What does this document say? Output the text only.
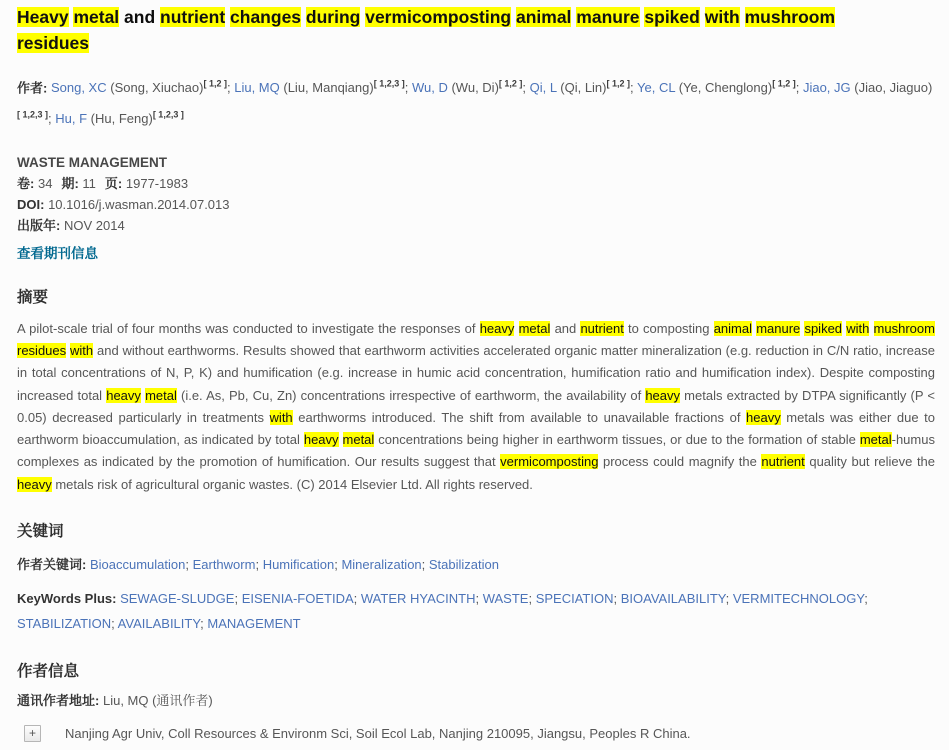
Heavy metal and nutrient changes during vermicomposting animal manure spiked with mushroom residues

作者: Song, XC (Song, Xiuchao)[ 1,2 ]; Liu, MQ (Liu, Manqiang)[ 1,2,3 ]; Wu, D (Wu, Di)[ 1,2 ]; Qi, L (Qi, Lin)[ 1,2 ]; Ye, CL (Ye, Chenglong)[ 1,2 ]; Jiao, JG (Jiao, Jiaguo)[ 1,2,3 ]; Hu, F (Hu, Feng)[ 1,2,3 ]

WASTE MANAGEMENT

卷: 34 期: 11 页: 1977-1983

DOI: 10.1016/j.wasman.2014.07.013

出版年: NOV 2014

查看期刊信息
摘要

A pilot-scale trial of four months was conducted to investigate the responses of heavy metal and nutrient to composting animal manure spiked with mushroom residues with and without earthworms. Results showed that earthworm activities accelerated organic matter mineralization (e.g. reduction in C/N ratio, increase in total concentrations of N, P, K) and humification (e.g. increase in humic acid concentration, humification ratio and humification index). Despite composting increased total heavy metal (i.e. As, Pb, Cu, Zn) concentrations irrespective of earthworm, the availability of heavy metals extracted by DTPA significantly (P < 0.05) decreased particularly in treatments with earthworms introduced. The shift from available to unavailable fractions of heavy metals was either due to earthworm bioaccumulation, as indicated by total heavy metal concentrations being higher in earthworm tissues, or due to the formation of stable metal-humus complexes as indicated by the promotion of humification. Our results suggest that vermicomposting process could magnify the nutrient quality but relieve the heavy metals risk of agricultural organic wastes. (C) 2014 Elsevier Ltd. All rights reserved.

关键词

作者关键词: Bioaccumulation; Earthworm; Humification; Mineralization; Stabilization

KeyWords Plus: SEWAGE-SLUDGE; EISENIA-FOETIDA; WATER HYACINTH; WASTE; SPECIATION; BIOAVAILABILITY; VERMITECHNOLOGY; STABILIZATION; AVAILABILITY; MANAGEMENT

作者信息

通讯作者地址: Liu, MQ (通讯作者)

+	Nanjing Agr Univ, Coll Resources & Environm Sci, Soil Ecol Lab, Nanjing 210095, Jiangsu, Peoples R China.
